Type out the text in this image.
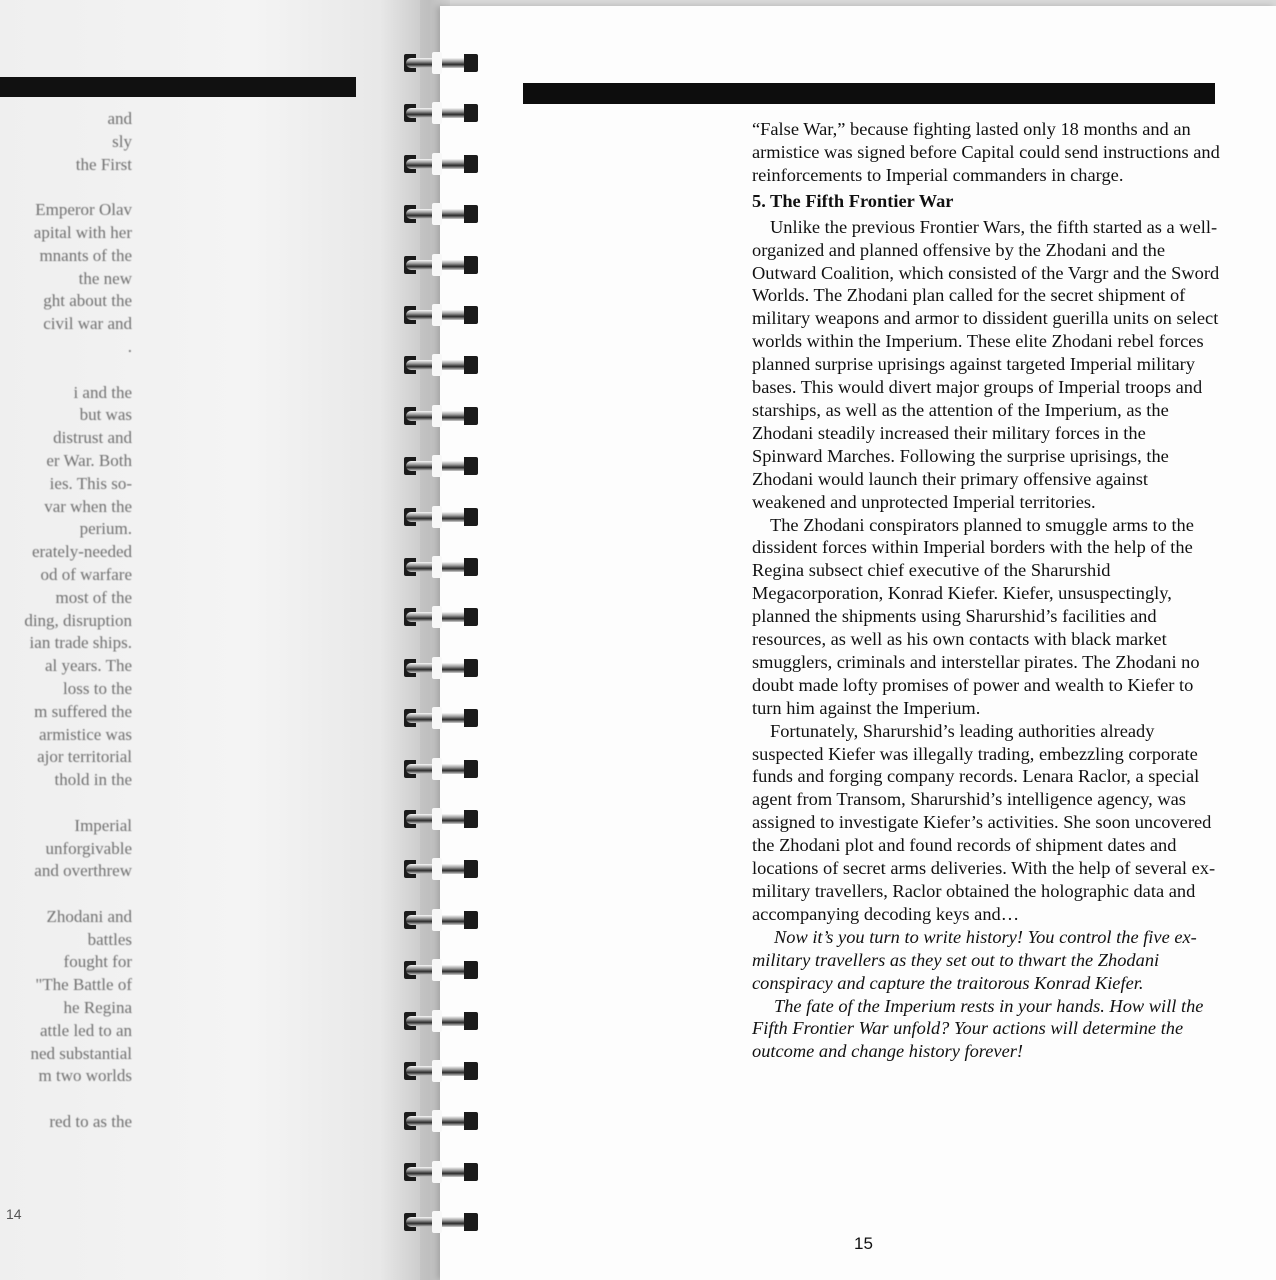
and
sly
the First
Emperor Olav
apital with her
mnants of the
the new
ght about the
civil war and
.
i and the
but was
distrust and
er War. Both
ies. This so-
var when the
perium.
erately-needed
od of warfare
most of the
ding, disruption
ian trade ships.
al years. The
loss to the
m suffered the
armistice was
ajor territorial
thold in the
Imperial
unforgivable
and overthrew
Zhodani and
battles
fought for
"The Battle of
he Regina
attle led to an
ned substantial
m two worlds
red to as the
14

“False War,” because fighting lasted only 18 months and an armistice was signed before Capital could send instructions and reinforcements to Imperial commanders in charge.

5. The Fifth Frontier War

Unlike the previous Frontier Wars, the fifth started as a well-organized and planned offensive by the Zhodani and the Outward Coalition, which consisted of the Vargr and the Sword Worlds. The Zhodani plan called for the secret shipment of military weapons and armor to dissident guerilla units on select worlds within the Imperium. These elite Zhodani rebel forces planned surprise uprisings against targeted Imperial military bases. This would divert major groups of Imperial troops and starships, as well as the attention of the Imperium, as the Zhodani steadily increased their military forces in the Spinward Marches. Following the surprise uprisings, the Zhodani would launch their primary offensive against weakened and unprotected Imperial territories.

The Zhodani conspirators planned to smuggle arms to the dissident forces within Imperial borders with the help of the Regina subsect chief executive of the Sharurshid Megacorporation, Konrad Kiefer. Kiefer, unsuspectingly, planned the shipments using Sharurshid’s facilities and resources, as well as his own contacts with black market smugglers, criminals and interstellar pirates. The Zhodani no doubt made lofty promises of power and wealth to Kiefer to turn him against the Imperium.

Fortunately, Sharurshid’s leading authorities already suspected Kiefer was illegally trading, embezzling corporate funds and forging company records. Lenara Raclor, a special agent from Transom, Sharurshid’s intelligence agency, was assigned to investigate Kiefer’s activities. She soon uncovered the Zhodani plot and found records of shipment dates and locations of secret arms deliveries. With the help of several ex-military travellers, Raclor obtained the holographic data and accompanying decoding keys and…

Now it’s you turn to write history! You control the five ex-military travellers as they set out to thwart the Zhodani conspiracy and capture the traitorous Konrad Kiefer.

The fate of the Imperium rests in your hands. How will the Fifth Frontier War unfold? Your actions will determine the outcome and change history forever!

15
